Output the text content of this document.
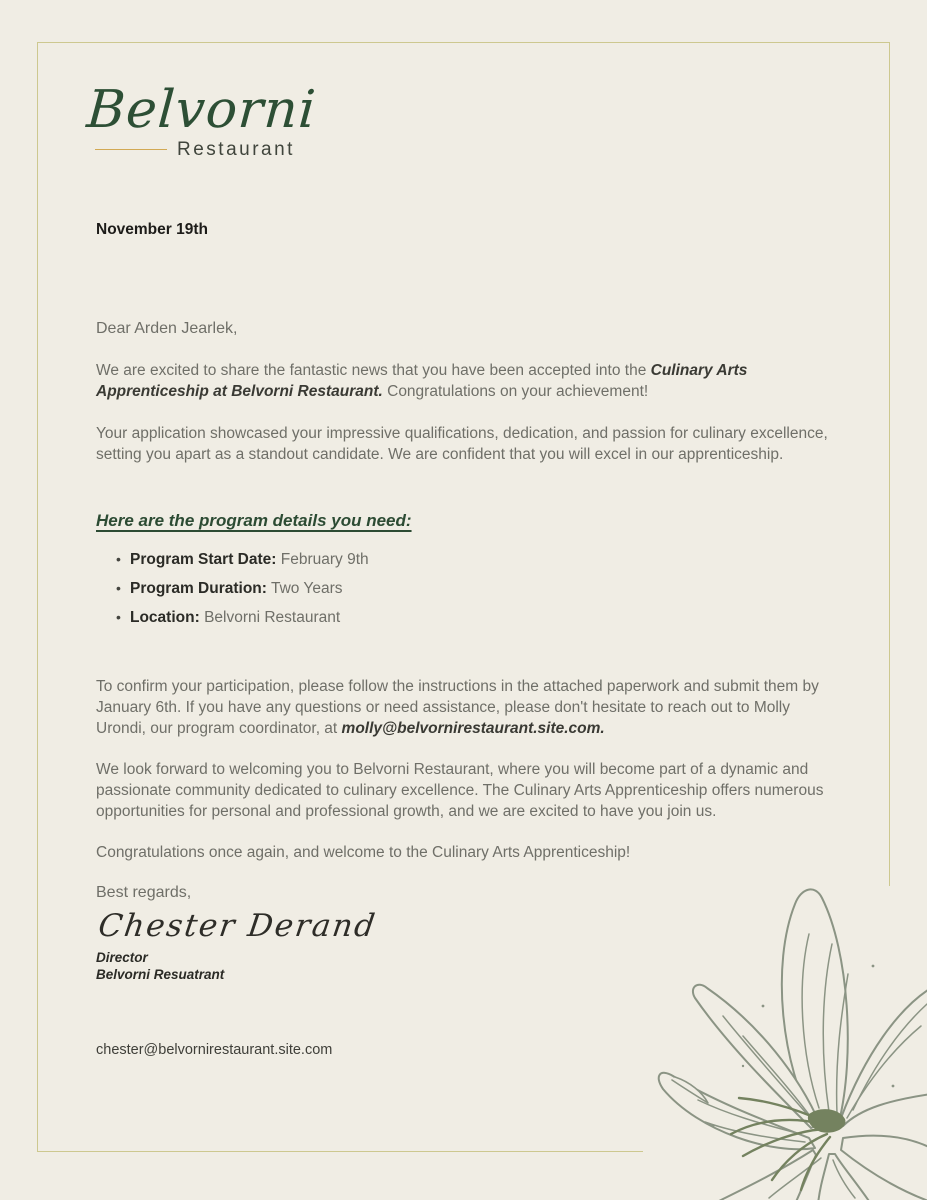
Belvorni
Restaurant

November 19th

Dear Arden Jearlek,

We are excited to share the fantastic news that you have been accepted into the Culinary Arts Apprenticeship at Belvorni Restaurant. Congratulations on your achievement!

Your application showcased your impressive qualifications, dedication, and passion for culinary excellence, setting you apart as a standout candidate. We are confident that you will excel in our apprenticeship.

Here are the program details you need:
• Program Start Date: February 9th
• Program Duration: Two Years
• Location: Belvorni Restaurant

To confirm your participation, please follow the instructions in the attached paperwork and submit them by January 6th. If you have any questions or need assistance, please don't hesitate to reach out to Molly Urondi, our program coordinator, at molly@belvornirestaurant.site.com.

We look forward to welcoming you to Belvorni Restaurant, where you will become part of a dynamic and passionate community dedicated to culinary excellence. The Culinary Arts Apprenticeship offers numerous opportunities for personal and professional growth, and we are excited to have you join us.

Congratulations once again, and welcome to the Culinary Arts Apprenticeship!

Best regards,

Chester Derand
Director
Belvorni Resuatrant

chester@belvornirestaurant.site.com
